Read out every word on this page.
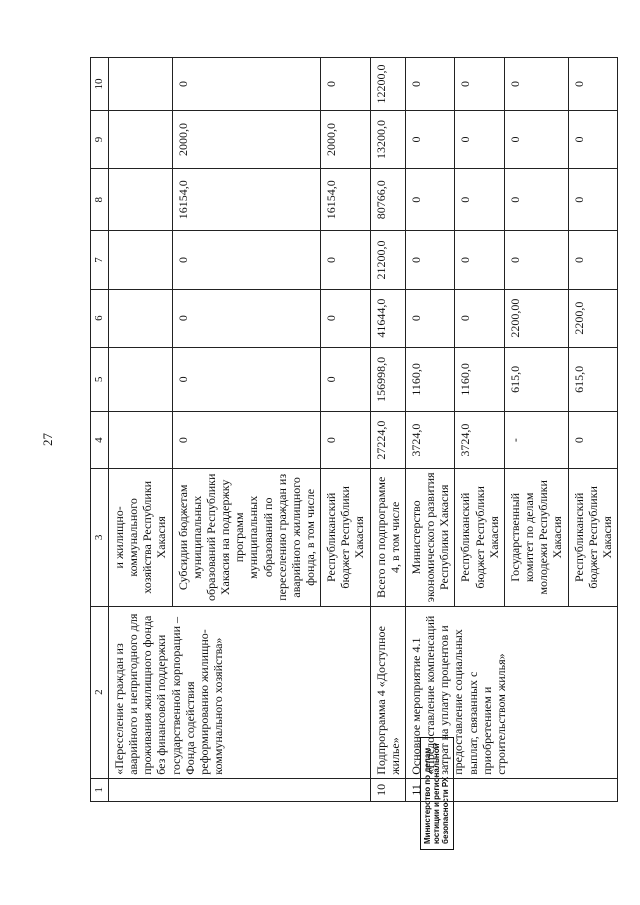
27
Министерство по делам юстиции и региональной безопасности РХ
1	2	3	4	5	6	7	8	9	10
	«Переселение граждан из аварийного и непригодного для проживания жилищного фонда без финансовой поддержки государственной корпорации – Фонда содействия реформированию жилищно-коммунального хозяйства»	и жилищно-коммунального хозяйства Республики Хакасия							
		Субсидии бюджетам муниципальных образований Республики Хакасия на поддержку программ муниципальных образований по переселению граждан из аварийного жилищного фонда, в том числе	0	0	0	0	16154,0	2000,0	0
		Республиканский бюджет Республики Хакасия	0	0	0	0	16154,0	2000,0	0
10	Подпрограмма 4 «Доступное жилье»	Всего по подпрограмме 4, в том числе	27224,0	156998,0	41644,0	21200,0	80766,0	13200,0	12200,0
11	Основное мероприятие 4.1 «Предоставление компенсаций затрат на уплату процентов и предоставление социальных выплат, связанных с приобретением и строительством жилья»	Министерство экономического развития Республики Хакасия	3724,0	1160,0	0	0	0	0	0
		Республиканский бюджет Республики Хакасия	3724,0	1160,0	0	0	0	0	0
		Государственный комитет по делам молодежи Республики Хакасия	-	615,0	2200,00	0	0	0	0
		Республиканский бюджет Республики Хакасия	0	615,0	2200,0	0	0	0	0
